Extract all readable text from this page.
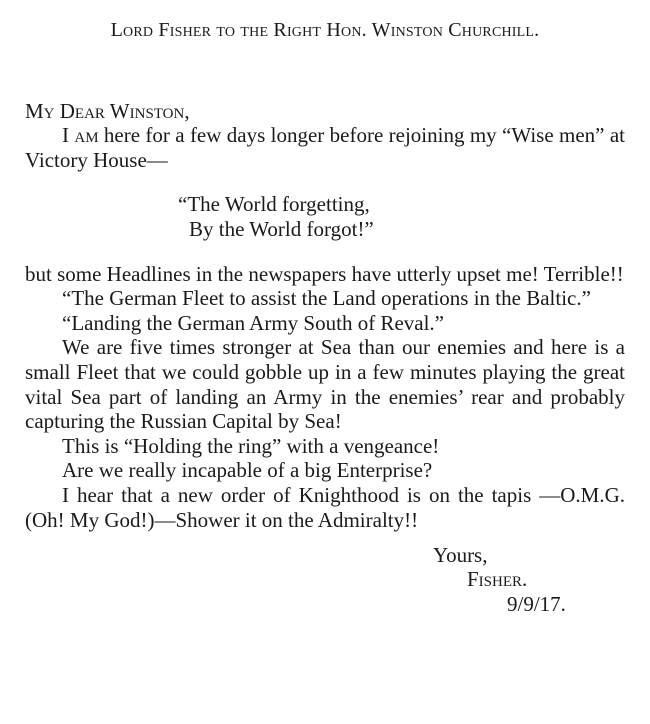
Lord Fisher to the Right Hon. Winston Churchill.

My Dear Winston,

I am here for a few days longer before rejoining my “Wise men” at Victory House—

“The World forgetting,
By the World forgot!”

but some Headlines in the newspapers have utterly upset me! Terrible!!

“The German Fleet to assist the Land operations in the Baltic.”

“Landing the German Army South of Reval.”

We are five times stronger at Sea than our enemies and here is a small Fleet that we could gobble up in a few minutes playing the great vital Sea part of landing an Army in the enemies’ rear and probably capturing the Russian Capital by Sea!

This is “Holding the ring” with a vengeance!

Are we really incapable of a big Enterprise?

I hear that a new order of Knighthood is on the tapis —O.M.G. (Oh! My God!)—Shower it on the Admiralty!!

Yours,
Fisher.
9/9/17.
